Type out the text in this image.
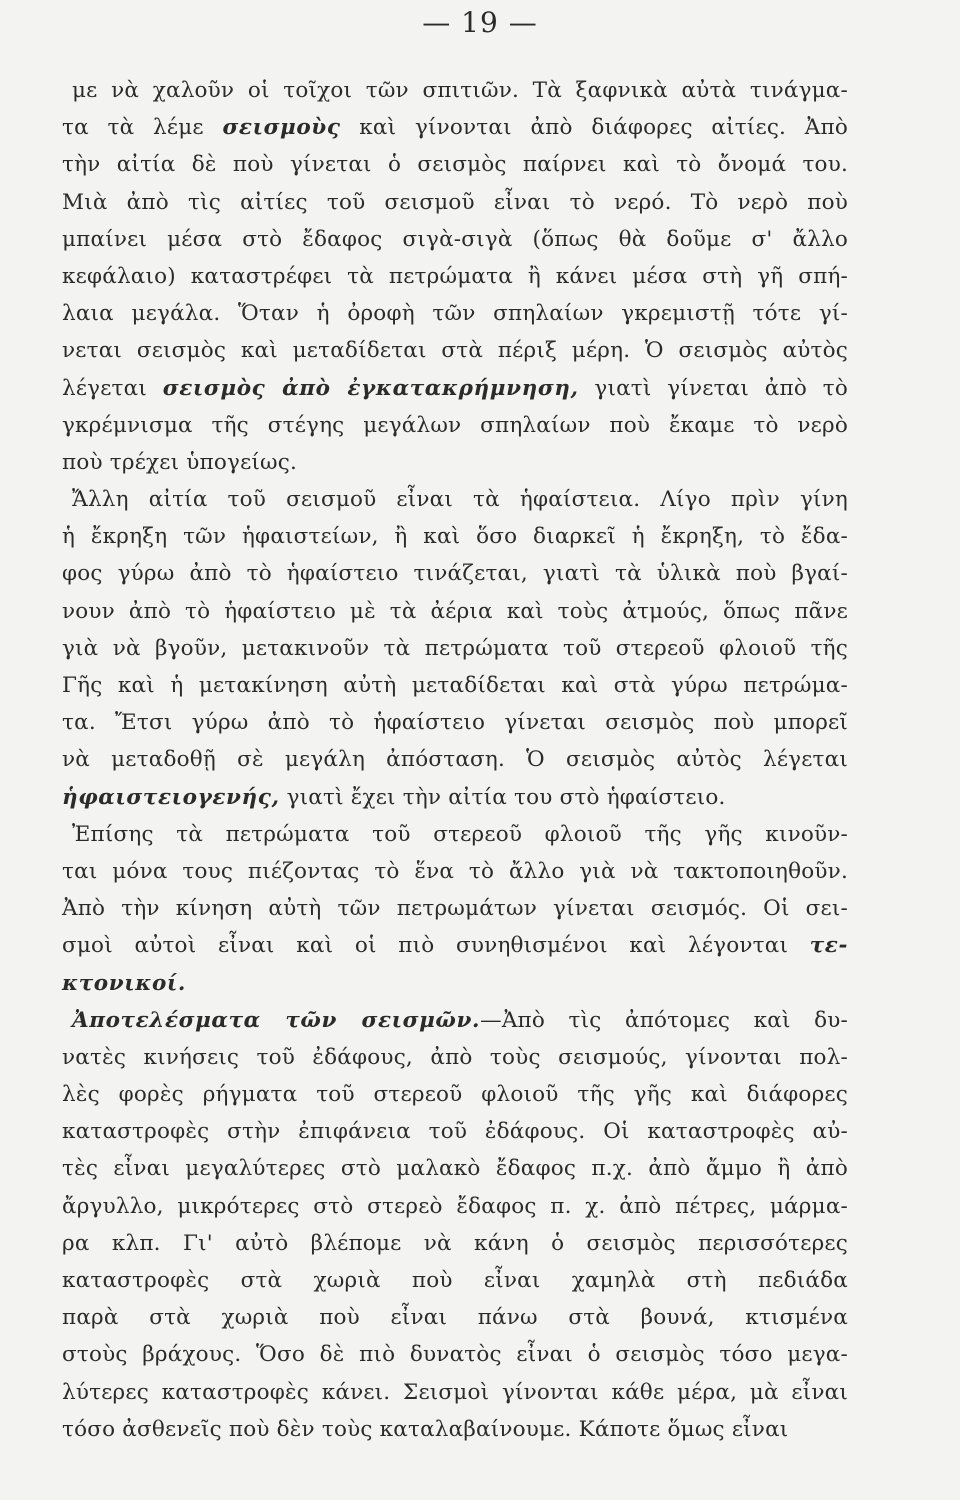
— 19 —
με νὰ χαλοῦν οἱ τοῖχοι τῶν σπιτιῶν. Τὰ ξαφνικὰ αὐτὰ τινάγμα-
τα τὰ λέμε σεισμοὺς καὶ γίνονται ἀπὸ διάφορες αἰτίες. Ἀπὸ
τὴν αἰτία δὲ ποὺ γίνεται ὁ σεισμὸς παίρνει καὶ τὸ ὄνομά του.
Μιὰ ἀπὸ τὶς αἰτίες τοῦ σεισμοῦ εἶναι τὸ νερό. Τὸ νερὸ ποὺ
μπαίνει μέσα στὸ ἔδαφος σιγὰ-σιγὰ (ὅπως θὰ δοῦμε σ' ἄλλο
κεφάλαιο) καταστρέφει τὰ πετρώματα ἢ κάνει μέσα στὴ γῆ σπή-
λαια μεγάλα. Ὅταν ἡ ὀροφὴ τῶν σπηλαίων γκρεμιστῇ τότε γί-
νεται σεισμὸς καὶ μεταδίδεται στὰ πέριξ μέρη. Ὁ σεισμὸς αὐτὸς
λέγεται σεισμὸς ἀπὸ ἐγκατακρήμνηση, γιατὶ γίνεται ἀπὸ τὸ
γκρέμνισμα τῆς στέγης μεγάλων σπηλαίων ποὺ ἔκαμε τὸ νερὸ
ποὺ τρέχει ὑπογείως.
Ἄλλη αἰτία τοῦ σεισμοῦ εἶναι τὰ ἡφαίστεια. Λίγο πρὶν γίνη
ἡ ἔκρηξη τῶν ἡφαιστείων, ἢ καὶ ὅσο διαρκεῖ ἡ ἔκρηξη, τὸ ἔδα-
φος γύρω ἀπὸ τὸ ἡφαίστειο τινάζεται, γιατὶ τὰ ὑλικὰ ποὺ βγαί-
νουν ἀπὸ τὸ ἡφαίστειο μὲ τὰ ἀέρια καὶ τοὺς ἀτμούς, ὅπως πᾶνε
γιὰ νὰ βγοῦν, μετακινοῦν τὰ πετρώματα τοῦ στερεοῦ φλοιοῦ τῆς
Γῆς καὶ ἡ μετακίνηση αὐτὴ μεταδίδεται καὶ στὰ γύρω πετρώμα-
τα. Ἔτσι γύρω ἀπὸ τὸ ἡφαίστειο γίνεται σεισμὸς ποὺ μπορεῖ
νὰ μεταδοθῇ σὲ μεγάλη ἀπόσταση. Ὁ σεισμὸς αὐτὸς λέγεται
ἡφαιστειογενής, γιατὶ ἔχει τὴν αἰτία του στὸ ἡφαίστειο.
Ἐπίσης τὰ πετρώματα τοῦ στερεοῦ φλοιοῦ τῆς γῆς κινοῦν-
ται μόνα τους πιέζοντας τὸ ἕνα τὸ ἄλλο γιὰ νὰ τακτοποιηθοῦν.
Ἀπὸ τὴν κίνηση αὐτὴ τῶν πετρωμάτων γίνεται σεισμός. Οἱ σει-
σμοὶ αὐτοὶ εἶναι καὶ οἱ πιὸ συνηθισμένοι καὶ λέγονται τε-
κτονικοί.
Ἀποτελέσματα τῶν σεισμῶν.—Ἀπὸ τὶς ἀπότομες καὶ δυ-
νατὲς κινήσεις τοῦ ἐδάφους, ἀπὸ τοὺς σεισμούς, γίνονται πολ-
λὲς φορὲς ρήγματα τοῦ στερεοῦ φλοιοῦ τῆς γῆς καὶ διάφορες
καταστροφὲς στὴν ἐπιφάνεια τοῦ ἐδάφους. Οἱ καταστροφὲς αὐ-
τὲς εἶναι μεγαλύτερες στὸ μαλακὸ ἔδαφος π.χ. ἀπὸ ἄμμο ἢ ἀπὸ
ἄργυλλο, μικρότερες στὸ στερεὸ ἔδαφος π. χ. ἀπὸ πέτρες, μάρμα-
ρα κλπ. Γι' αὐτὸ βλέπομε νὰ κάνη ὁ σεισμὸς περισσότερες
καταστροφὲς στὰ χωριὰ ποὺ εἶναι χαμηλὰ στὴ πεδιάδα
παρὰ στὰ χωριὰ ποὺ εἶναι πάνω στὰ βουνά, κτισμένα
στοὺς βράχους. Ὅσο δὲ πιὸ δυνατὸς εἶναι ὁ σεισμὸς τόσο μεγα-
λύτερες καταστροφὲς κάνει. Σεισμοὶ γίνονται κάθε μέρα, μὰ εἶναι
τόσο ἀσθενεῖς ποὺ δὲν τοὺς καταλαβαίνουμε. Κάποτε ὅμως εἶναι
